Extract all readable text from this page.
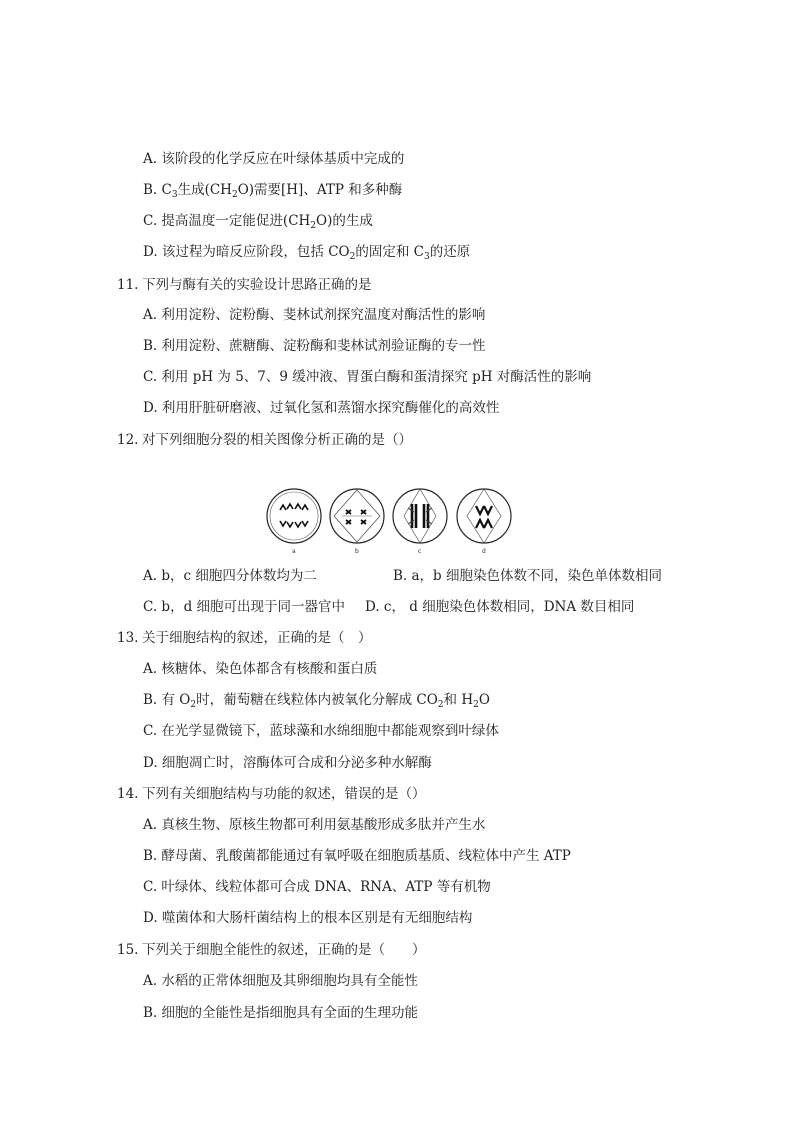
A. 该阶段的化学反应在叶绿体基质中完成的
B. $C_3$生成$(CH_2O)$需要[H]、ATP 和多种酶
C. 提高温度一定能促进$(CH_2O)$的生成
D. 该过程为暗反应阶段，包括 $CO_2$的固定和 $C_3$的还原
11. 下列与酶有关的实验设计思路正确的是
A. 利用淀粉、淀粉酶、斐林试剂探究温度对酶活性的影响
B. 利用淀粉、蔗糖酶、淀粉酶和斐林试剂验证酶的专一性
C. 利用 pH 为 5、7、9 缓冲液、胃蛋白酶和蛋清探究 pH 对酶活性的影响
D. 利用肝脏研磨液、过氧化氢和蒸馏水探究酶催化的高效性
12. 对下列细胞分裂的相关图像分析正确的是（）
a	b	c	d
A. b，c 细胞四分体数均为二	B. a，b 细胞染色体数不同，染色单体数相同
C. b，d 细胞可出现于同一器官中 D. c， d 细胞染色体数相同，DNA 数目相同
13. 关于细胞结构的叙述，正确的是（　）
A. 核糖体、染色体都含有核酸和蛋白质
B. 有 $O_2$时，葡萄糖在线粒体内被氧化分解成 $CO_2$和 $H_2O$
C. 在光学显微镜下，蓝球藻和水绵细胞中都能观察到叶绿体
D. 细胞凋亡时，溶酶体可合成和分泌多种水解酶
14. 下列有关细胞结构与功能的叙述，错误的是（）
A. 真核生物、原核生物都可利用氨基酸形成多肽并产生水
B. 酵母菌、乳酸菌都能通过有氧呼吸在细胞质基质、线粒体中产生 ATP
C. 叶绿体、线粒体都可合成 DNA、RNA、ATP 等有机物
D. 噬菌体和大肠杆菌结构上的根本区别是有无细胞结构
15. 下列关于细胞全能性的叙述，正确的是（　　）
A. 水稻的正常体细胞及其卵细胞均具有全能性
B. 细胞的全能性是指细胞具有全面的生理功能
